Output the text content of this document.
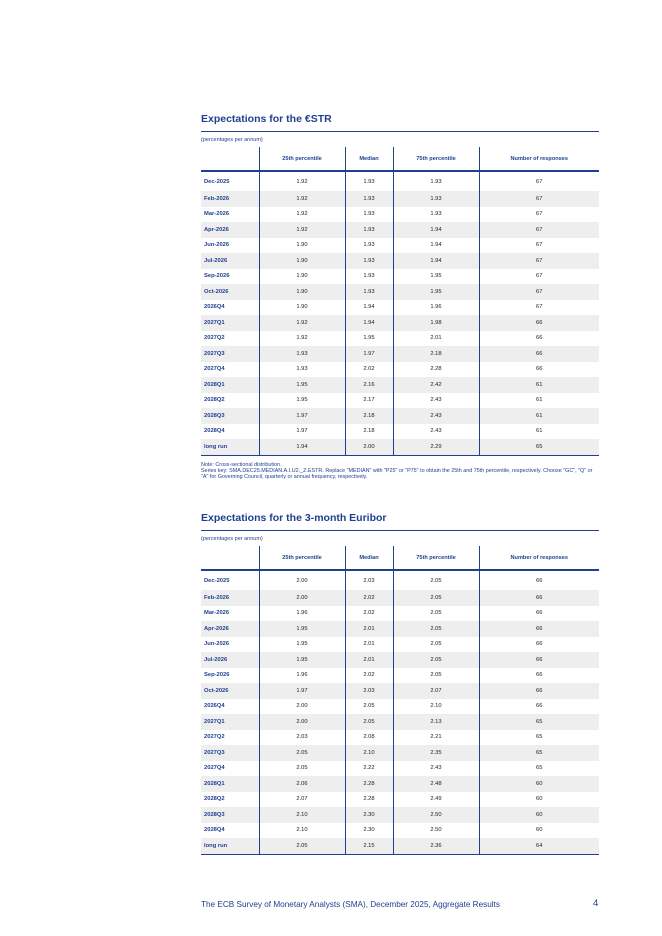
Expectations for the €STR
(percentages per annum)
	25th percentile	Median	75th percentile	Number of responses
Dec-2025	1.92	1.93	1.93	67
Feb-2026	1.92	1.93	1.93	67
Mar-2026	1.92	1.93	1.93	67
Apr-2026	1.92	1.93	1.94	67
Jun-2026	1.90	1.93	1.94	67
Jul-2026	1.90	1.93	1.94	67
Sep-2026	1.90	1.93	1.95	67
Oct-2026	1.90	1.93	1.95	67
2026Q4	1.90	1.94	1.96	67
2027Q1	1.92	1.94	1.98	66
2027Q2	1.92	1.95	2.01	66
2027Q3	1.93	1.97	2.18	66
2027Q4	1.93	2.02	2.28	66
2028Q1	1.95	2.16	2.42	61
2028Q2	1.95	2.17	2.43	61
2028Q3	1.97	2.18	2.43	61
2028Q4	1.97	2.18	2.43	61
long run	1.94	2.00	2.29	65
Note: Cross-sectional distribution.
Series key: SMA.DEC25.MEDIAN.A.I.U2._Z.ESTR. Replace "MEDIAN" with "P25" or "P75" to obtain the 25th and 75th percentile, respectively. Choose "GC", "Q" or "A" for Governing Council, quarterly or annual frequency, respectively.
Expectations for the 3-month Euribor
(percentages per annum)
	25th percentile	Median	75th percentile	Number of responses
Dec-2025	2.00	2.03	2.05	66
Feb-2026	2.00	2.02	2.05	66
Mar-2026	1.96	2.02	2.05	66
Apr-2026	1.95	2.01	2.05	66
Jun-2026	1.95	2.01	2.05	66
Jul-2026	1.95	2.01	2.05	66
Sep-2026	1.96	2.02	2.05	66
Oct-2026	1.97	2.03	2.07	66
2026Q4	2.00	2.05	2.10	66
2027Q1	2.00	2.05	2.13	65
2027Q2	2.03	2.08	2.21	65
2027Q3	2.05	2.10	2.35	65
2027Q4	2.05	2.22	2.43	65
2028Q1	2.06	2.28	2.48	60
2028Q2	2.07	2.28	2.49	60
2028Q3	2.10	2.30	2.50	60
2028Q4	2.10	2.30	2.50	60
long run	2.05	2.15	2.36	64
The ECB Survey of Monetary Analysts (SMA), December 2025, Aggregate Results	4
